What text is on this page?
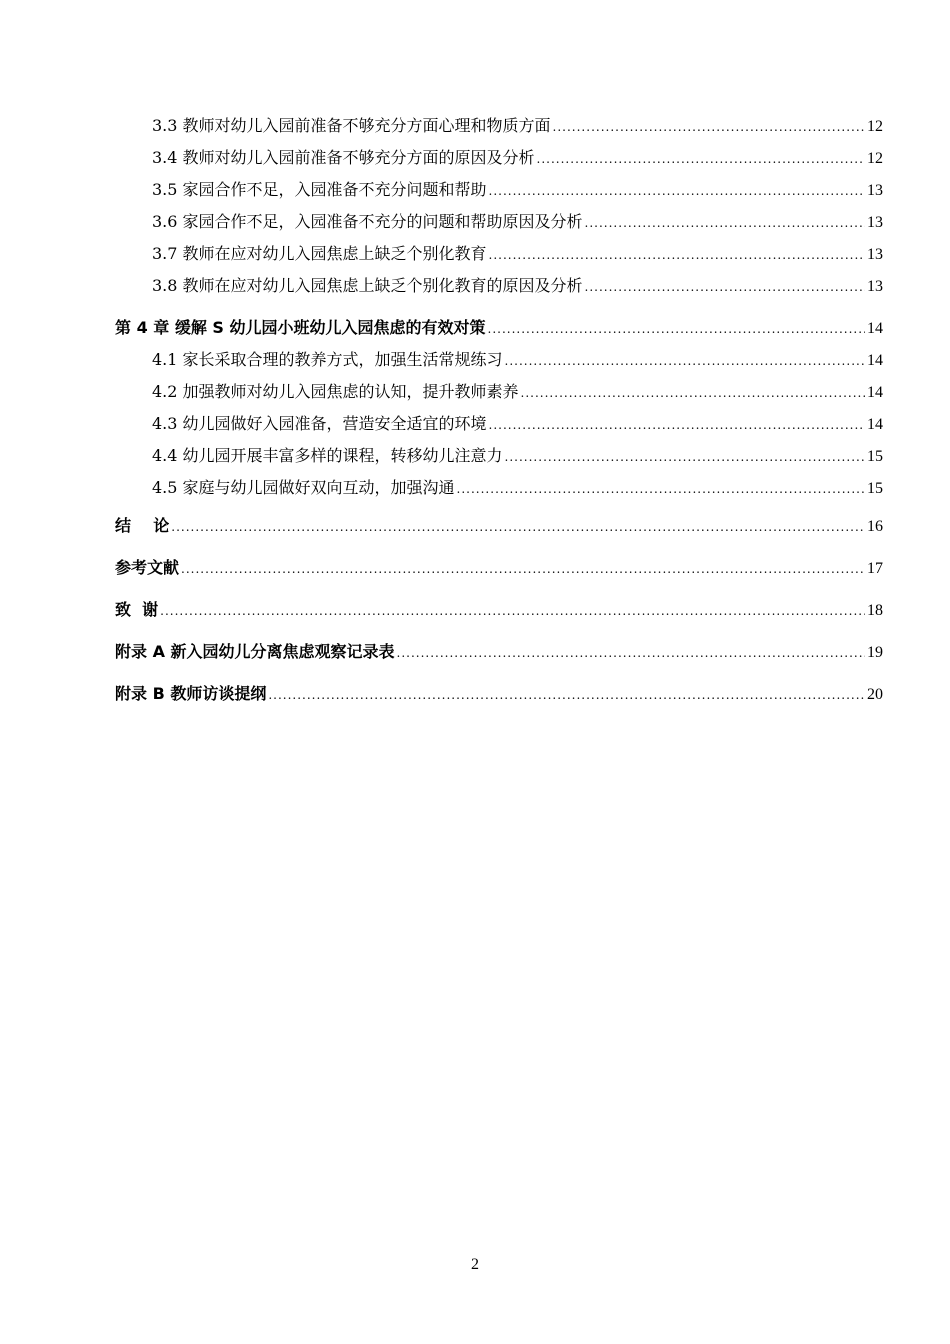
3.3 教师对幼儿入园前准备不够充分方面心理和物质方面 .....	12
3.4 教师对幼儿入园前准备不够充分方面的原因及分析 .....	12
3.5 家园合作不足，入园准备不充分问题和帮助 .....	13
3.6 家园合作不足，入园准备不充分的问题和帮助原因及分析 .....	13
3.7 教师在应对幼儿入园焦虑上缺乏个别化教育 .....	13
3.8 教师在应对幼儿入园焦虑上缺乏个别化教育的原因及分析 .....	13
第 4 章 缓解 S 幼儿园小班幼儿入园焦虑的有效对策 .....	14
4.1 家长采取合理的教养方式，加强生活常规练习 .....	14
4.2 加强教师对幼儿入园焦虑的认知，提升教师素养 .....	14
4.3 幼儿园做好入园准备，营造安全适宜的环境 .....	14
4.4 幼儿园开展丰富多样的课程，转移幼儿注意力 .....	15
4.5 家庭与幼儿园做好双向互动，加强沟通 .....	15
结    论 .....	16
参考文献 .....	17
致  谢 .....	18
附录 A 新入园幼儿分离焦虑观察记录表 .....	19
附录 B 教师访谈提纲 .....	20
2
